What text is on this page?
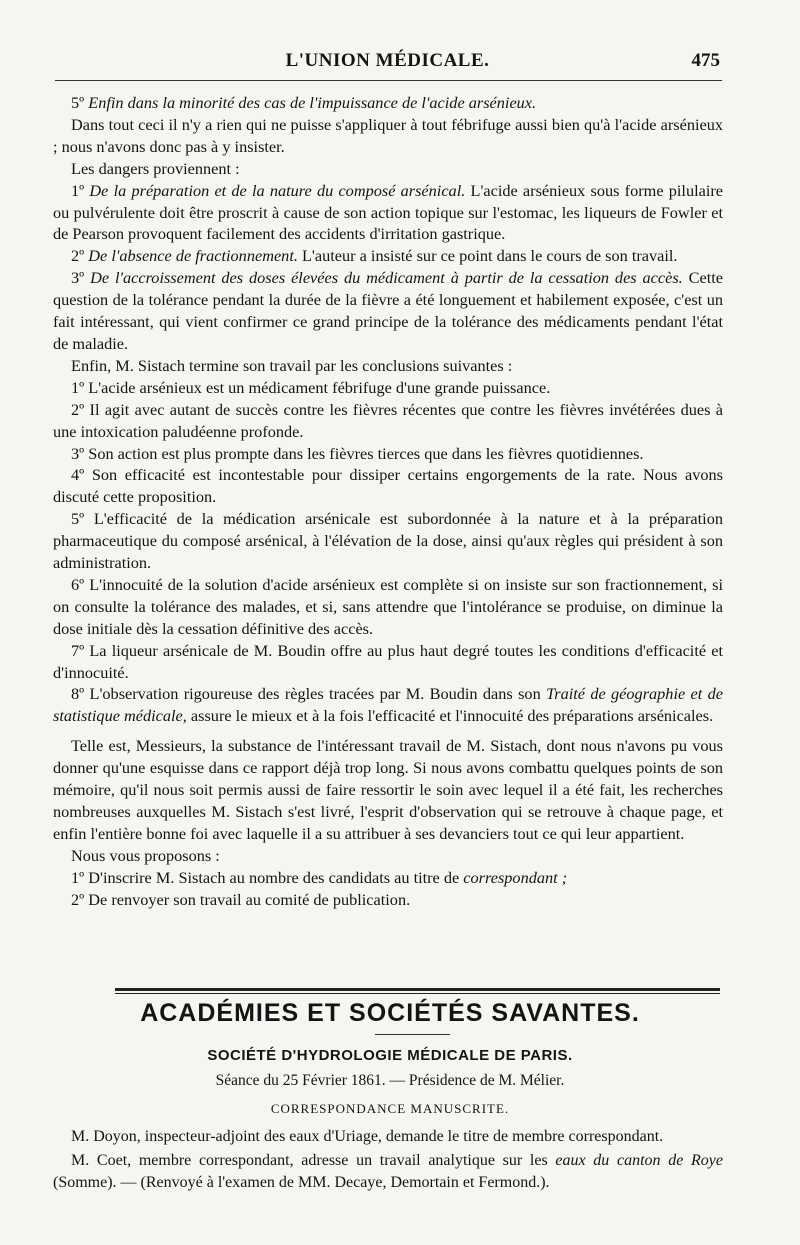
L'UNION MÉDICALE.	475

5º Enfin dans la minorité des cas de l'impuissance de l'acide arsénieux.

Dans tout ceci il n'y a rien qui ne puisse s'appliquer à tout fébrifuge aussi bien qu'à l'acide arsénieux ; nous n'avons donc pas à y insister.

Les dangers proviennent :

1º De la préparation et de la nature du composé arsénical. L'acide arsénieux sous forme pilulaire ou pulvérulente doit être proscrit à cause de son action topique sur l'estomac, les liqueurs de Fowler et de Pearson provoquent facilement des accidents d'irritation gastrique.

2º De l'absence de fractionnement. L'auteur a insisté sur ce point dans le cours de son travail.

3º De l'accroissement des doses élevées du médicament à partir de la cessation des accès. Cette question de la tolérance pendant la durée de la fièvre a été longuement et habilement exposée, c'est un fait intéressant, qui vient confirmer ce grand principe de la tolérance des médicaments pendant l'état de maladie.

Enfin, M. Sistach termine son travail par les conclusions suivantes :

1º L'acide arsénieux est un médicament fébrifuge d'une grande puissance.

2º Il agit avec autant de succès contre les fièvres récentes que contre les fièvres invétérées dues à une intoxication paludéenne profonde.

3º Son action est plus prompte dans les fièvres tierces que dans les fièvres quotidiennes.

4º Son efficacité est incontestable pour dissiper certains engorgements de la rate. Nous avons discuté cette proposition.

5º L'efficacité de la médication arsénicale est subordonnée à la nature et à la préparation pharmaceutique du composé arsénical, à l'élévation de la dose, ainsi qu'aux règles qui président à son administration.

6º L'innocuité de la solution d'acide arsénieux est complète si on insiste sur son fractionnement, si on consulte la tolérance des malades, et si, sans attendre que l'intolérance se produise, on diminue la dose initiale dès la cessation définitive des accès.

7º La liqueur arsénicale de M. Boudin offre au plus haut degré toutes les conditions d'efficacité et d'innocuité.

8º L'observation rigoureuse des règles tracées par M. Boudin dans son Traité de géographie et de statistique médicale, assure le mieux et à la fois l'efficacité et l'innocuité des préparations arsénicales.

Telle est, Messieurs, la substance de l'intéressant travail de M. Sistach, dont nous n'avons pu vous donner qu'une esquisse dans ce rapport déjà trop long. Si nous avons combattu quelques points de son mémoire, qu'il nous soit permis aussi de faire ressortir le soin avec lequel il a été fait, les recherches nombreuses auxquelles M. Sistach s'est livré, l'esprit d'observation qui se retrouve à chaque page, et enfin l'entière bonne foi avec laquelle il a su attribuer à ses devanciers tout ce qui leur appartient.

Nous vous proposons :

1º D'inscrire M. Sistach au nombre des candidats au titre de correspondant ;

2º De renvoyer son travail au comité de publication.

ACADÉMIES ET SOCIÉTÉS SAVANTES.
SOCIÉTÉ D'HYDROLOGIE MÉDICALE DE PARIS.
Séance du 25 Février 1861. — Présidence de M. Mélier.
CORRESPONDANCE MANUSCRITE.

M. Doyon, inspecteur-adjoint des eaux d'Uriage, demande le titre de membre correspondant.

M. Coet, membre correspondant, adresse un travail analytique sur les eaux du canton de Roye (Somme). — (Renvoyé à l'examen de MM. Decaye, Demortain et Fermond.).
